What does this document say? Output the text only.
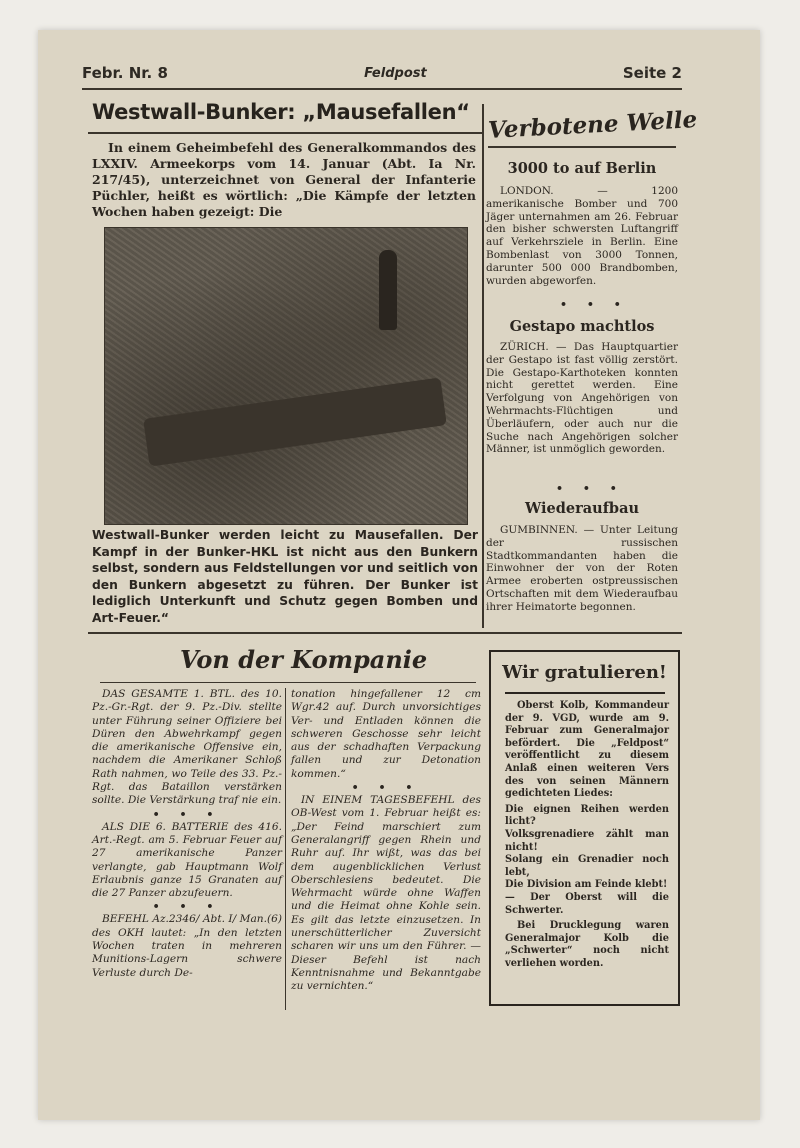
Febr. Nr. 8	Feldpost	Seite 2
Westwall-Bunker: „Mausefallen“

In einem Geheimbefehl des Generalkommandos des LXXIV. Armeekorps vom 14. Januar (Abt. Ia Nr. 217/45), unterzeichnet von General der Infanterie Püchler, heißt es wörtlich: „Die Kämpfe der letzten Wochen haben gezeigt: Die

Westwall-Bunker werden leicht zu Mausefallen. Der Kampf in der Bunker-HKL ist nicht aus den Bunkern selbst, sondern aus Feldstellungen vor und seitlich von den Bunkern abgesetzt zu führen. Der Bunker ist lediglich Unterkunft und Schutz gegen Bomben und Art-Feuer.“

Verbotene Welle
3000 to auf Berlin

LONDON. — 1200 amerikanische Bomber und 700 Jäger unternahmen am 26. Februar den bisher schwersten Luftangriff auf Verkehrsziele in Berlin. Eine Bombenlast von 3000 Tonnen, darunter 500 000 Brandbomben, wurden abgeworfen.

• • •
Gestapo machtlos

ZÜRICH. — Das Hauptquartier der Gestapo ist fast völlig zerstört. Die Gestapo-Karthoteken konnten nicht gerettet werden. Eine Verfolgung von Angehörigen von Wehrmachts-Flüchtigen und Überläufern, oder auch nur die Suche nach Angehörigen solcher Männer, ist unmöglich geworden.

• • •
Wiederaufbau

GUMBINNEN. — Unter Leitung der russischen Stadtkommandanten haben die Einwohner der von der Roten Armee eroberten ostpreussischen Ortschaften mit dem Wiederaufbau ihrer Heimatorte begonnen.

Von der Kompanie

DAS GESAMTE 1. BTL. des 10. Pz.-Gr.-Rgt. der 9. Pz.-Div. stellte unter Führung seiner Offiziere bei Düren den Abwehrkampf gegen die amerikanische Offensive ein, nachdem die Amerikaner Schloß Rath nahmen, wo Teile des 33. Pz.-Rgt. das Bataillon verstärken sollte. Die Verstärkung traf nie ein.

• • •

ALS DIE 6. BATTERIE des 416. Art.-Regt. am 5. Februar Feuer auf 27 amerikanische Panzer verlangte, gab Hauptmann Wolf Erlaubnis ganze 15 Granaten auf die 27 Panzer abzufeuern.

• • •

BEFEHL Az.2346/ Abt. I/ Man.(6) des OKH lautet: „In den letzten Wochen traten in mehreren Munitions-Lagern schwere Verluste durch De-

tonation hingefallener 12 cm Wgr.42 auf. Durch unvorsichtiges Ver- und Entladen können die schweren Geschosse sehr leicht aus der schadhaften Verpackung fallen und zur Detonation kommen.“

• • •

IN EINEM TAGESBEFEHL des OB-West vom 1. Februar heißt es: „Der Feind marschiert zum Generalangriff gegen Rhein und Ruhr auf. Ihr wißt, was das bei dem augenblicklichen Verlust Oberschlesiens bedeutet. Die Wehrmacht würde ohne Waffen und die Heimat ohne Kohle sein. Es gilt das letzte einzusetzen. In unerschütterlicher Zuversicht scharen wir uns um den Führer. — Dieser Befehl ist nach Kenntnisnahme und Bekanntgabe zu vernichten.“

Wir gratulieren!

Oberst Kolb, Kommandeur der 9. VGD, wurde am 9. Februar zum Generalmajor befördert. Die „Feldpost“ veröffentlicht zu diesem Anlaß einen weiteren Vers des von seinen Männern gedichteten Liedes:

Die eignen Reihen werden licht?

Volksgrenadiere zählt man nicht!

Solang ein Grenadier noch lebt,

Die Division am Feinde klebt!

— Der Oberst will die Schwerter.

Bei Drucklegung waren Generalmajor Kolb die „Schwerter“ noch nicht verliehen worden.
